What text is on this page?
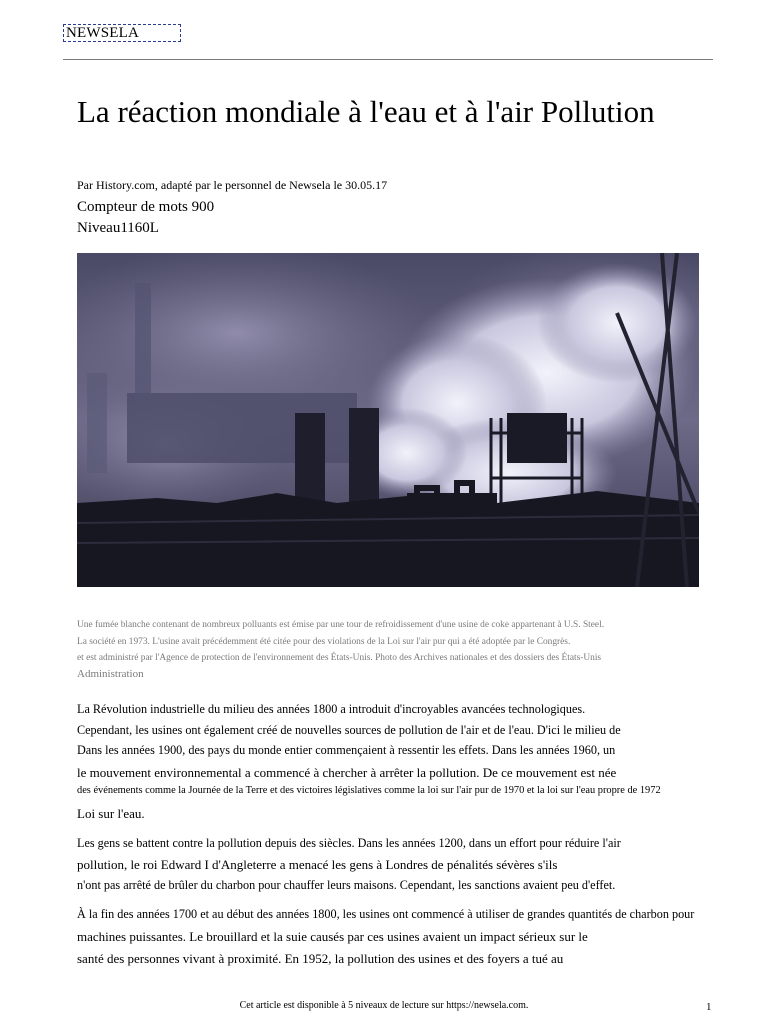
NEWSELA
La réaction mondiale à l'eau et à l'air Pollution
Par History.com, adapté par le personnel de Newsela le 30.05.17
Compteur de mots 900
Niveau1160L
Une fumée blanche contenant de nombreux polluants est émise par une tour de refroidissement d'une usine de coke appartenant à U.S. Steel.
La société en 1973. L'usine avait précédemment été citée pour des violations de la Loi sur l'air pur qui a été adoptée par le Congrès.
et est administré par l'Agence de protection de l'environnement des États-Unis. Photo des Archives nationales et des dossiers des États-Unis
Administration
La Révolution industrielle du milieu des années 1800 a introduit d'incroyables avancées technologiques.
Cependant, les usines ont également créé de nouvelles sources de pollution de l'air et de l'eau. D'ici le milieu de
Dans les années 1900, des pays du monde entier commençaient à ressentir les effets. Dans les années 1960, un
le mouvement environnemental a commencé à chercher à arrêter la pollution. De ce mouvement est née
des événements comme la Journée de la Terre et des victoires législatives comme la loi sur l'air pur de 1970 et la loi sur l'eau propre de 1972
Loi sur l'eau.
Les gens se battent contre la pollution depuis des siècles. Dans les années 1200, dans un effort pour réduire l'air
pollution, le roi Edward I d'Angleterre a menacé les gens à Londres de pénalités sévères s'ils
n'ont pas arrêté de brûler du charbon pour chauffer leurs maisons. Cependant, les sanctions avaient peu d'effet.
À la fin des années 1700 et au début des années 1800, les usines ont commencé à utiliser de grandes quantités de charbon pour
machines puissantes. Le brouillard et la suie causés par ces usines avaient un impact sérieux sur le
santé des personnes vivant à proximité. En 1952, la pollution des usines et des foyers a tué au
Cet article est disponible à 5 niveaux de lecture sur https://newsela.com.	1
